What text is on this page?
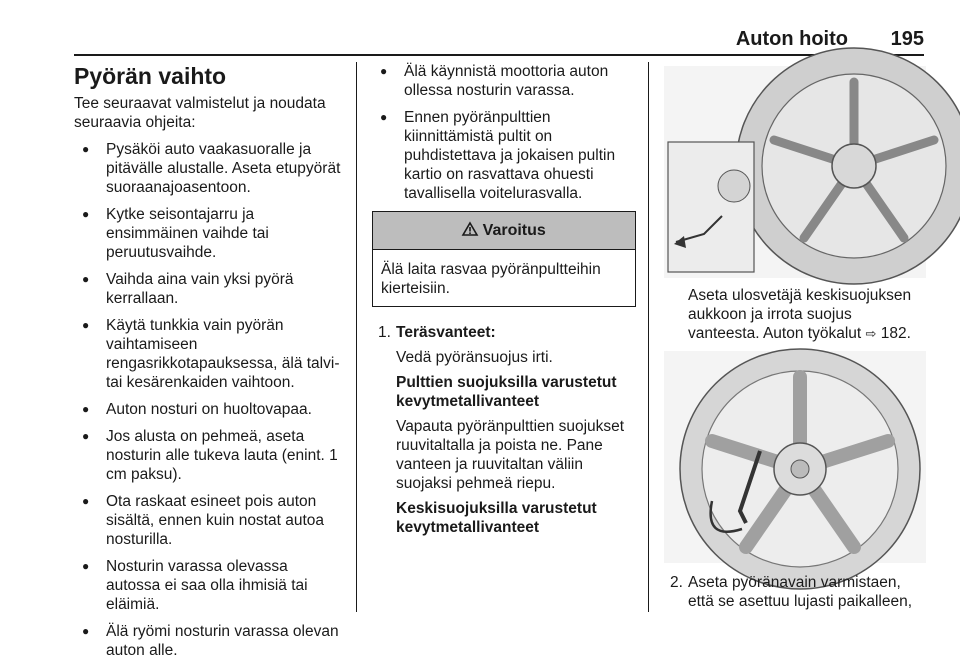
Auton hoito 195
Pyörän vaihto

Tee seuraavat valmistelut ja noudata seuraavia ohjeita:

● Pysäköi auto vaakasuoralle ja pitävälle alustalle. Aseta etupyörät suoraanajoasentoon.
● Kytke seisontajarru ja ensimmäinen vaihde tai peruutusvaihde.
● Vaihda aina vain yksi pyörä kerrallaan.
● Käytä tunkkia vain pyörän vaihtamiseen rengasrikkotapauksessa, älä talvi- tai kesärenkaiden vaihtoon.
● Auton nosturi on huoltovapaa.
● Jos alusta on pehmeä, aseta nosturin alle tukeva lauta (enint. 1 cm paksu).
● Ota raskaat esineet pois auton sisältä, ennen kuin nostat autoa nosturilla.
● Nosturin varassa olevassa autossa ei saa olla ihmisiä tai eläimiä.
● Älä ryömi nosturin varassa olevan auton alle.
● Älä käynnistä moottoria auton ollessa nosturin varassa.
● Ennen pyöränpulttien kiinnittämistä pultit on puhdistettava ja jokaisen pultin kartio on rasvattava ohuesti tavallisella voitelurasvalla.
Varoitus
Älä laita rasvaa pyöränpultteihin kierteisiin.
1. Teräsvanteet:

Vedä pyöränsuojus irti.

Pulttien suojuksilla varustetut kevytmetallivanteet

Vapauta pyöränpulttien suojukset ruuvitaltalla ja poista ne. Pane vanteen ja ruuvitaltan väliin suojaksi pehmeä riepu.

Keskisuojuksilla varustetut kevytmetallivanteet

Aseta ulosvetäjä keskisuojuksen aukkoon ja irrota suojus vanteesta. Auton työkalut ⇨ 182.

2. Aseta pyöränavain varmistaen, että se asettuu lujasti paikalleen,
